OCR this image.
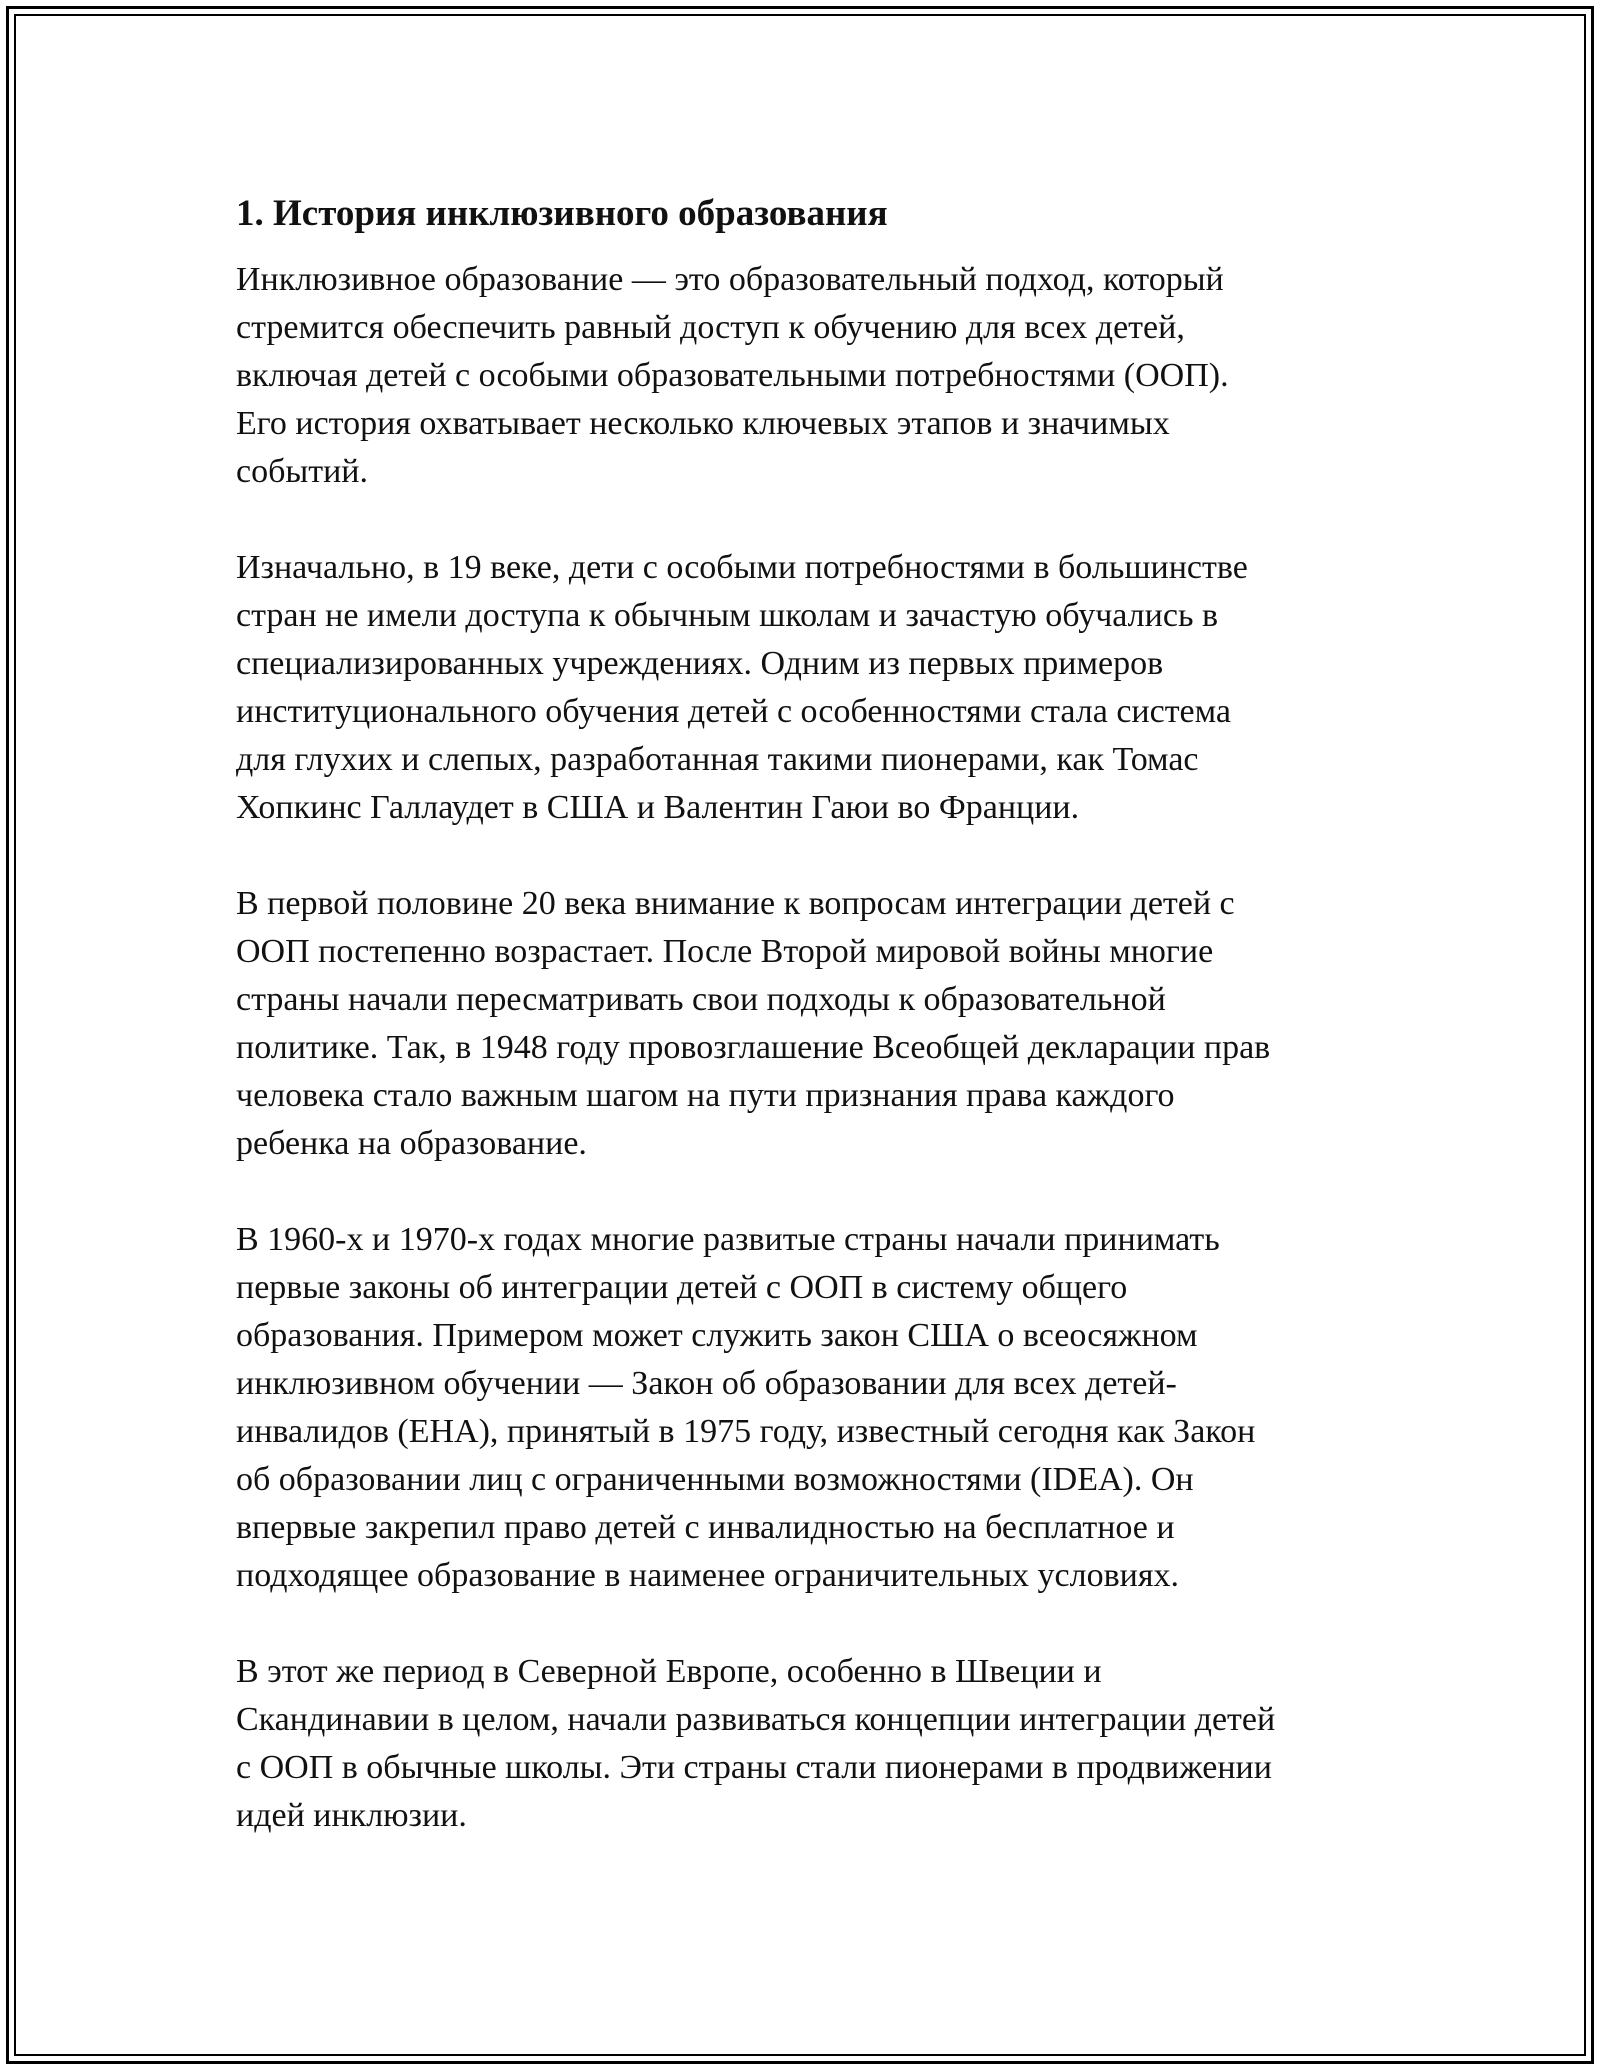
1. История инклюзивного образования

Инклюзивное образование — это образовательный подход, который
стремится обеспечить равный доступ к обучению для всех детей,
включая детей с особыми образовательными потребностями (ООП).
Его история охватывает несколько ключевых этапов и значимых
событий.

Изначально, в 19 веке, дети с особыми потребностями в большинстве
стран не имели доступа к обычным школам и зачастую обучались в
специализированных учреждениях. Одним из первых примеров
институционального обучения детей с особенностями стала система
для глухих и слепых, разработанная такими пионерами, как Томас
Хопкинс Галлаудет в США и Валентин Гаюи во Франции.

В первой половине 20 века внимание к вопросам интеграции детей с
ООП постепенно возрастает. После Второй мировой войны многие
страны начали пересматривать свои подходы к образовательной
политике. Так, в 1948 году провозглашение Всеобщей декларации прав
человека стало важным шагом на пути признания права каждого
ребенка на образование.

В 1960-х и 1970-х годах многие развитые страны начали принимать
первые законы об интеграции детей с ООП в систему общего
образования. Примером может служить закон США о всеосяжном
инклюзивном обучении — Закон об образовании для всех детей-
инвалидов (EHA), принятый в 1975 году, известный сегодня как Закон
об образовании лиц с ограниченными возможностями (IDEA). Он
впервые закрепил право детей с инвалидностью на бесплатное и
подходящее образование в наименее ограничительных условиях.

В этот же период в Северной Европе, особенно в Швеции и
Скандинавии в целом, начали развиваться концепции интеграции детей
с ООП в обычные школы. Эти страны стали пионерами в продвижении
идей инклюзии.
